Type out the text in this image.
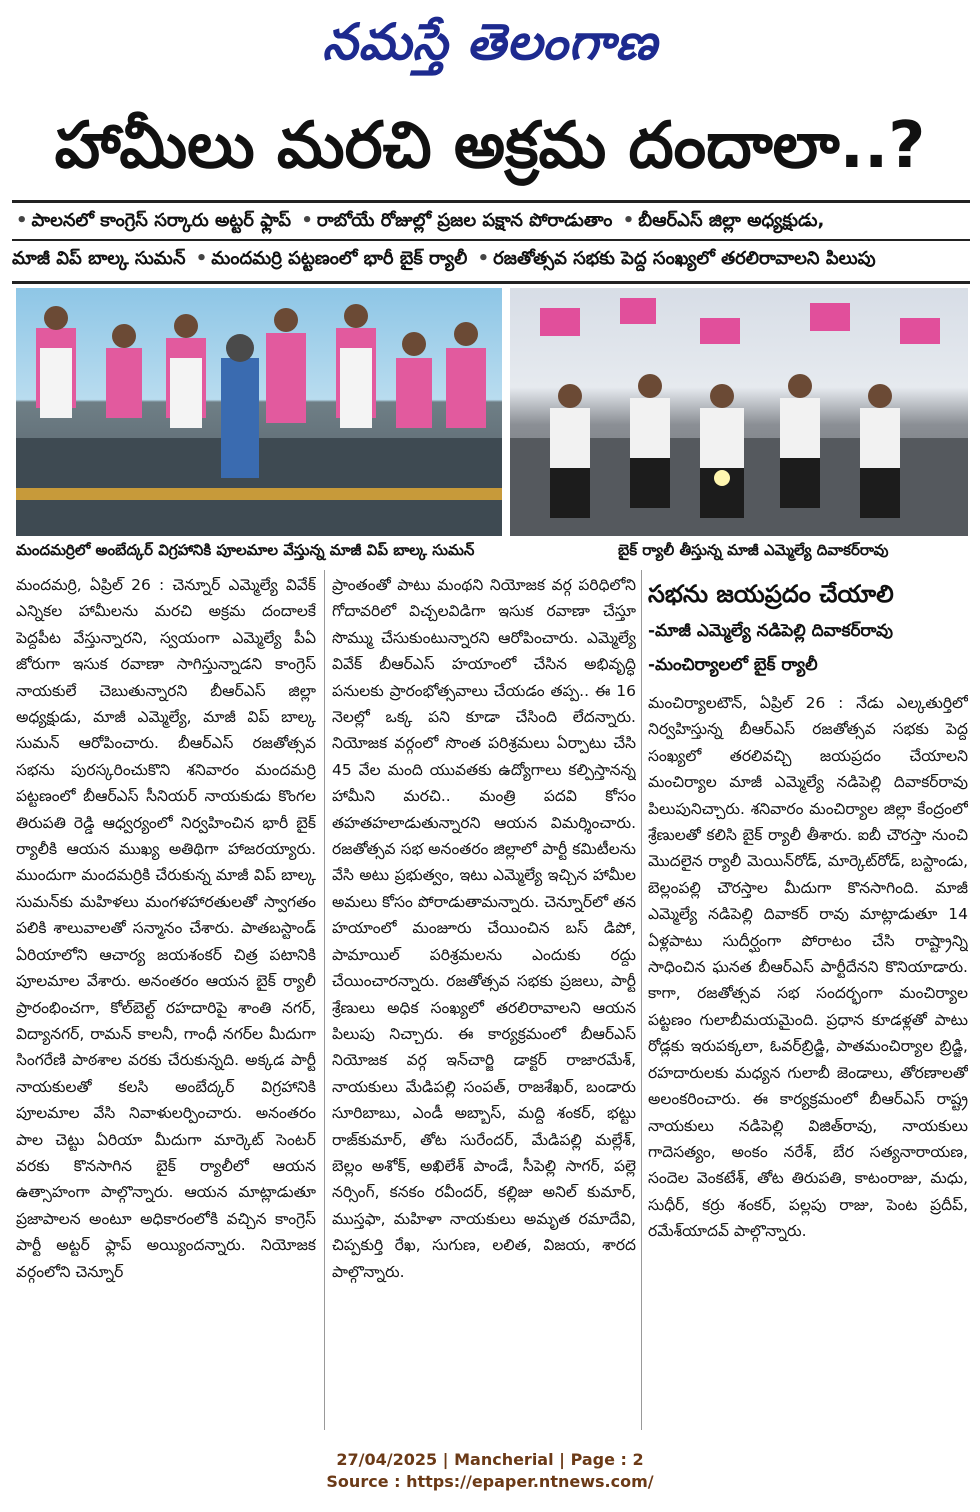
నమస్తే తెలంగాణ
హామీలు మరచి అక్రమ దందాలా..?
• పాలనలో కాంగ్రెస్ సర్కారు అట్టర్ ఫ్లాప్ • రాబోయే రోజుల్లో ప్రజల పక్షాన పోరాడుతాం • బీఆర్ఎస్ జిల్లా అధ్యక్షుడు,
మాజీ విప్ బాల్క సుమన్ • మందమర్రి పట్టణంలో భారీ బైక్ ర్యాలీ • రజతోత్సవ సభకు పెద్ద సంఖ్యలో తరలిరావాలని పిలుపు
మందమర్రిలో అంబేద్కర్ విగ్రహానికి పూలమాల వేస్తున్న మాజీ విప్ బాల్క సుమన్	బైక్ ర్యాలీ తీస్తున్న మాజీ ఎమ్మెల్యే దివాకర్‌రావు
మందమర్రి, ఏప్రిల్ 26 : చెన్నూర్ ఎమ్మెల్యే వివేక్ ఎన్నికల హామీలను మరచి అక్రమ దందాలకే పెద్దపీట వేస్తున్నారని, స్వయంగా ఎమ్మెల్యే పీఏ జోరుగా ఇసుక రవాణా సాగిస్తున్నాడని కాంగ్రెస్ నాయకులే చెబుతున్నారని బీఆర్ఎస్ జిల్లా అధ్యక్షుడు, మాజీ ఎమ్మెల్యే, మాజీ విప్ బాల్క సుమన్ ఆరోపించారు. బీఆర్ఎస్ రజతోత్సవ సభను పురస్కరించుకొని శనివారం మందమర్రి పట్టణంలో బీఆర్ఎస్ సీనియర్ నాయకుడు కొంగల తిరుపతి రెడ్డి ఆధ్వర్యంలో నిర్వహించిన భారీ బైక్ ర్యాలీకి ఆయన ముఖ్య అతిథిగా హాజరయ్యారు. ముందుగా మందమర్రికి చేరుకున్న మాజీ విప్ బాల్క సుమన్‌కు మహిళలు మంగళహారతులతో స్వాగతం పలికి శాలువాలతో సన్మానం చేశారు. పాతబస్టాండ్ ఏరియాలోని ఆచార్య జయశంకర్ చిత్ర పటానికి పూలమాల వేశారు. అనంతరం ఆయన బైక్ ర్యాలీ ప్రారంభించగా, కోల్‌బెల్ట్ రహదారిపై శాంతి నగర్, విద్యానగర్, రామన్ కాలనీ, గాంధీ నగర్‌ల మీదుగా సింగరేణి పాఠశాల వరకు చేరుకున్నది. అక్కడ పార్టీ నాయకులతో కలసి అంబేద్కర్ విగ్రహానికి పూలమాల వేసి నివాళులర్పించారు. అనంతరం పాల చెట్టు ఏరియా మీదుగా మార్కెట్ సెంటర్ వరకు కొనసాగిన బైక్ ర్యాలీలో ఆయన ఉత్సాహంగా పాల్గొన్నారు. ఆయన మాట్లాడుతూ ప్రజాపాలన అంటూ అధికారంలోకి వచ్చిన కాంగ్రెస్ పార్టీ అట్టర్ ఫ్లాప్ అయ్యిందన్నారు. నియోజక వర్గంలోని చెన్నూర్
ప్రాంతంతో పాటు మంథని నియోజక వర్గ పరిధిలోని గోదావరిలో విచ్చలవిడిగా ఇసుక రవాణా చేస్తూ సొమ్ము చేసుకుంటున్నారని ఆరోపించారు. ఎమ్మెల్యే వివేక్ బీఆర్ఎస్ హయాంలో చేసిన అభివృద్ధి పనులకు ప్రారంభోత్సవాలు చేయడం తప్ప.. ఈ 16 నెలల్లో ఒక్క పని కూడా చేసింది లేదన్నారు. నియోజక వర్గంలో సొంత పరిశ్రమలు ఏర్పాటు చేసి 45 వేల మంది యువతకు ఉద్యోగాలు కల్పిస్తానన్న హామీని మరచి.. మంత్రి పదవి కోసం తహతహలాడుతున్నారని ఆయన విమర్శించారు. రజతోత్సవ సభ అనంతరం జిల్లాలో పార్టీ కమిటీలను వేసి అటు ప్రభుత్వం, ఇటు ఎమ్మెల్యే ఇచ్చిన హామీల అమలు కోసం పోరాడుతామన్నారు. చెన్నూర్‌లో తన హయాంలో మంజూరు చేయించిన బస్ డిపో, పామాయిల్ పరిశ్రమలను ఎందుకు రద్దు చేయించారన్నారు. రజతోత్సవ సభకు ప్రజలు, పార్టీ శ్రేణులు అధిక సంఖ్యలో తరలిరావాలని ఆయన పిలుపు నిచ్చారు. ఈ కార్యక్రమంలో బీఆర్ఎస్ నియోజక వర్గ ఇన్‌చార్జి డాక్టర్ రాజారమేశ్, నాయకులు మేడిపల్లి సంపత్, రాజశేఖర్, బండారు సూరిబాబు, ఎండీ అబ్బాస్, మద్ది శంకర్, భట్టు రాజ్‌కుమార్, తోట సురేందర్, మేడిపల్లి మల్లేశ్, బెల్లం అశోక్, అఖిలేశ్ పాండే, సీపెల్లి సాగర్, పల్లె నర్సింగ్, కనకం రవీందర్, కల్లిజు అనిల్ కుమార్, ముస్తఫా, మహిళా నాయకులు అమృత రమాదేవి, చిప్పకుర్తి రేఖ, సుగుణ, లలిత, విజయ, శారద పాల్గొన్నారు.
సభను జయప్రదం చేయాలి
-మాజీ ఎమ్మెల్యే నడిపెల్లి దివాకర్‌రావు
-మంచిర్యాలలో బైక్ ర్యాలీ
మంచిర్యాలటౌన్, ఏప్రిల్ 26 : నేడు ఎల్కతుర్తిలో నిర్వహిస్తున్న బీఆర్ఎస్ రజతోత్సవ సభకు పెద్ద సంఖ్యలో తరలివచ్చి జయప్రదం చేయాలని మంచిర్యాల మాజీ ఎమ్మెల్యే నడిపెల్లి దివాకర్‌రావు పిలుపునిచ్చారు. శనివారం మంచిర్యాల జిల్లా కేంద్రంలో శ్రేణులతో కలిసి బైక్ ర్యాలీ తీశారు. ఐబీ చౌరస్తా నుంచి మొదలైన ర్యాలీ మెయిన్‌రోడ్, మార్కెట్‌రోడ్, బస్టాండు, బెల్లంపల్లి చౌరస్తాల మీదుగా కొనసాగింది. మాజీ ఎమ్మెల్యే నడిపెల్లి దివాకర్ రావు మాట్లాడుతూ 14 ఏళ్లపాటు సుదీర్ఘంగా పోరాటం చేసి రాష్ట్రాన్ని సాధించిన ఘనత బీఆర్ఎస్ పార్టీదేనని కొనియాడారు. కాగా, రజతోత్సవ సభ సందర్భంగా మంచిర్యాల పట్టణం గులాబీమయమైంది. ప్రధాన కూడళ్లతో పాటు రోడ్లకు ఇరుపక్కలా, ఓవర్‌బ్రిడ్జి, పాతమంచిర్యాల బ్రిడ్జి, రహదారులకు మధ్యన గులాబీ జెండాలు, తోరణాలతో అలంకరించారు. ఈ కార్యక్రమంలో బీఆర్ఎస్ రాష్ట్ర నాయకులు నడిపెల్లి విజిత్‌రావు, నాయకులు గాదెసత్యం, అంకం నరేశ్, బేర సత్యనారాయణ, సందెల వెంకటేశ్, తోట తిరుపతి, కాటంరాజు, మధు, సుధీర్, కర్రు శంకర్, పల్లపు రాజు, పెంట ప్రదీప్, రమేశ్‌యాదవ్ పాల్గొన్నారు.
27/04/2025 | Mancherial | Page : 2
Source : https://epaper.ntnews.com/
